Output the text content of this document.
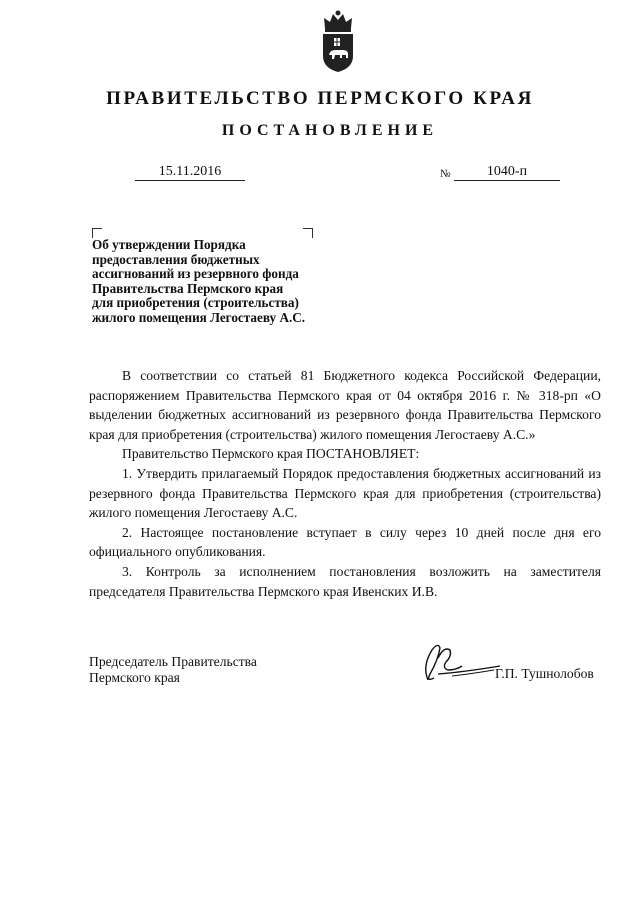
ПРАВИТЕЛЬСТВО ПЕРМСКОГО КРАЯ
ПОСТАНОВЛЕНИЕ
15.11.2016	№	1040-п
Об утверждении Порядка
предоставления бюджетных
ассигнований из резервного фонда
Правительства Пермского края
для приобретения (строительства)
жилого помещения Легостаеву А.С.

В соответствии со статьей 81 Бюджетного кодекса Российской Федерации, распоряжением Правительства Пермского края от 04 октября 2016 г. № 318-рп «О выделении бюджетных ассигнований из резервного фонда Правительства Пермского края для приобретения (строительства) жилого помещения Легостаеву А.С.»

Правительство Пермского края ПОСТАНОВЛЯЕТ:

1. Утвердить прилагаемый Порядок предоставления бюджетных ассигнований из резервного фонда Правительства Пермского края для приобретения (строительства) жилого помещения Легостаеву А.С.

2. Настоящее постановление вступает в силу через 10 дней после дня его официального опубликования.

3. Контроль за исполнением постановления возложить на заместителя председателя Правительства Пермского края Ивенских И.В.

Председатель Правительства
Пермского края	Г.П. Тушнолобов
